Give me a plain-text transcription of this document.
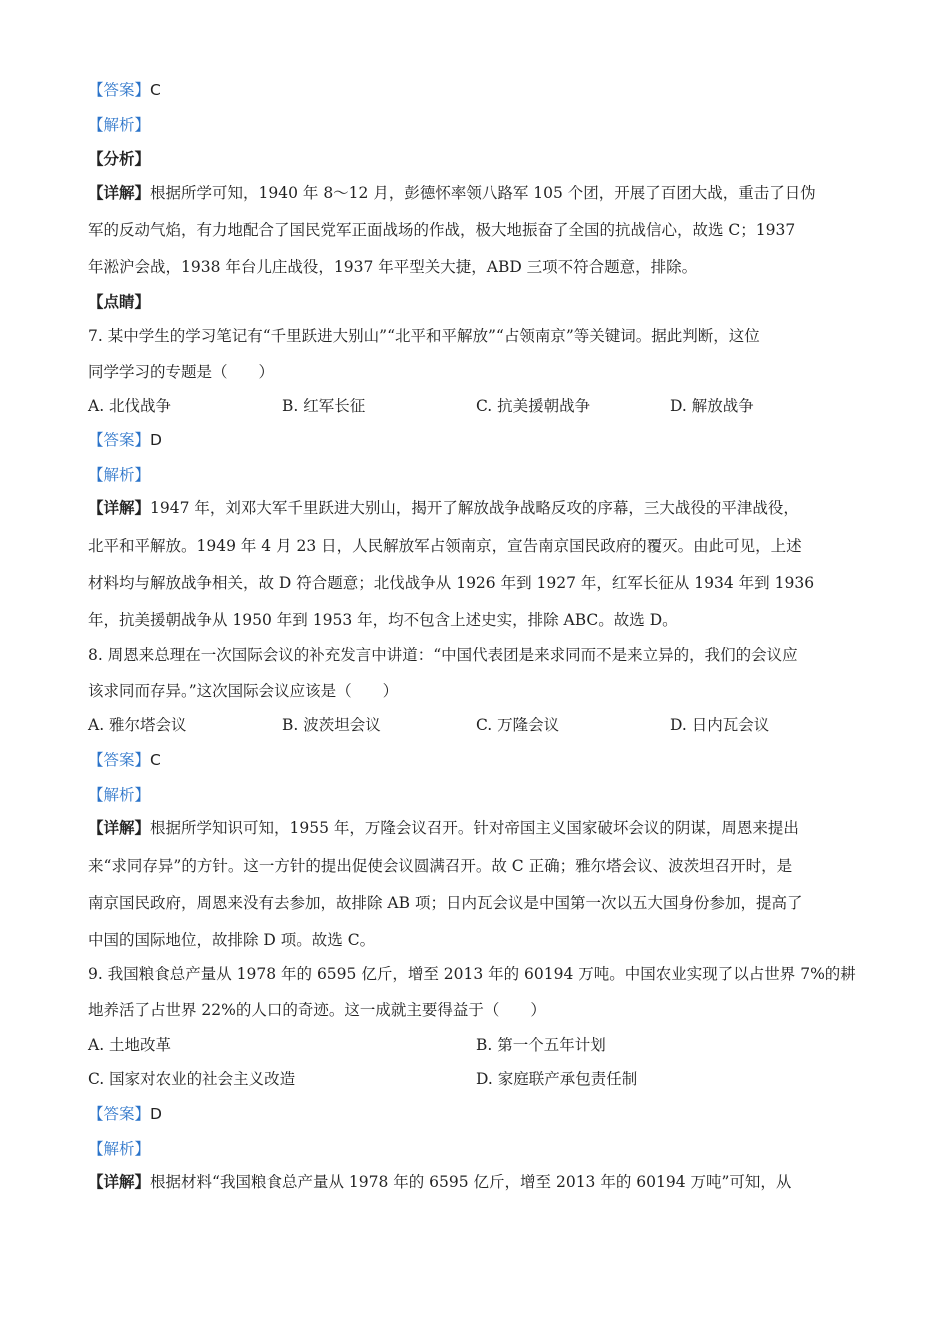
【答案】C
【解析】
【分析】
【详解】根据所学可知，1940 年 8～12 月，彭德怀率领八路军 105 个团，开展了百团大战，重击了日伪
军的反动气焰，有力地配合了国民党军正面战场的作战，极大地振奋了全国的抗战信心，故选 C；1937
年淞沪会战，1938 年台儿庄战役，1937 年平型关大捷，ABD 三项不符合题意，排除。
【点睛】
7. 某中学生的学习笔记有“千里跃进大别山”“北平和平解放”“占领南京”等关键词。据此判断，这位
同学学习的专题是（　　）
A. 北伐战争	B. 红军长征	C. 抗美援朝战争	D. 解放战争
【答案】D
【解析】
【详解】1947 年，刘邓大军千里跃进大别山，揭开了解放战争战略反攻的序幕，三大战役的平津战役，
北平和平解放。1949 年 4 月 23 日，人民解放军占领南京，宣告南京国民政府的覆灭。由此可见，上述
材料均与解放战争相关，故 D 符合题意；北伐战争从 1926 年到 1927 年，红军长征从 1934 年到 1936
年，抗美援朝战争从 1950 年到 1953 年，均不包含上述史实，排除 ABC。故选 D。
8. 周恩来总理在一次国际会议的补充发言中讲道：“中国代表团是来求同而不是来立异的，我们的会议应
该求同而存异。”这次国际会议应该是（　　）
A. 雅尔塔会议	B. 波茨坦会议	C. 万隆会议	D. 日内瓦会议
【答案】C
【解析】
【详解】根据所学知识可知，1955 年，万隆会议召开。针对帝国主义国家破坏会议的阴谋，周恩来提出
来“求同存异”的方针。这一方针的提出促使会议圆满召开。故 C 正确；雅尔塔会议、波茨坦召开时，是
南京国民政府，周恩来没有去参加，故排除 AB 项；日内瓦会议是中国第一次以五大国身份参加，提高了
中国的国际地位，故排除 D 项。故选 C。
9. 我国粮食总产量从 1978 年的 6595 亿斤，增至 2013 年的 60194 万吨。中国农业实现了以占世界 7%的耕
地养活了占世界 22%的人口的奇迹。这一成就主要得益于（　　）
A. 土地改革	B. 第一个五年计划
C. 国家对农业的社会主义改造	D. 家庭联产承包责任制
【答案】D
【解析】
【详解】根据材料“我国粮食总产量从 1978 年的 6595 亿斤，增至 2013 年的 60194 万吨”可知，从
